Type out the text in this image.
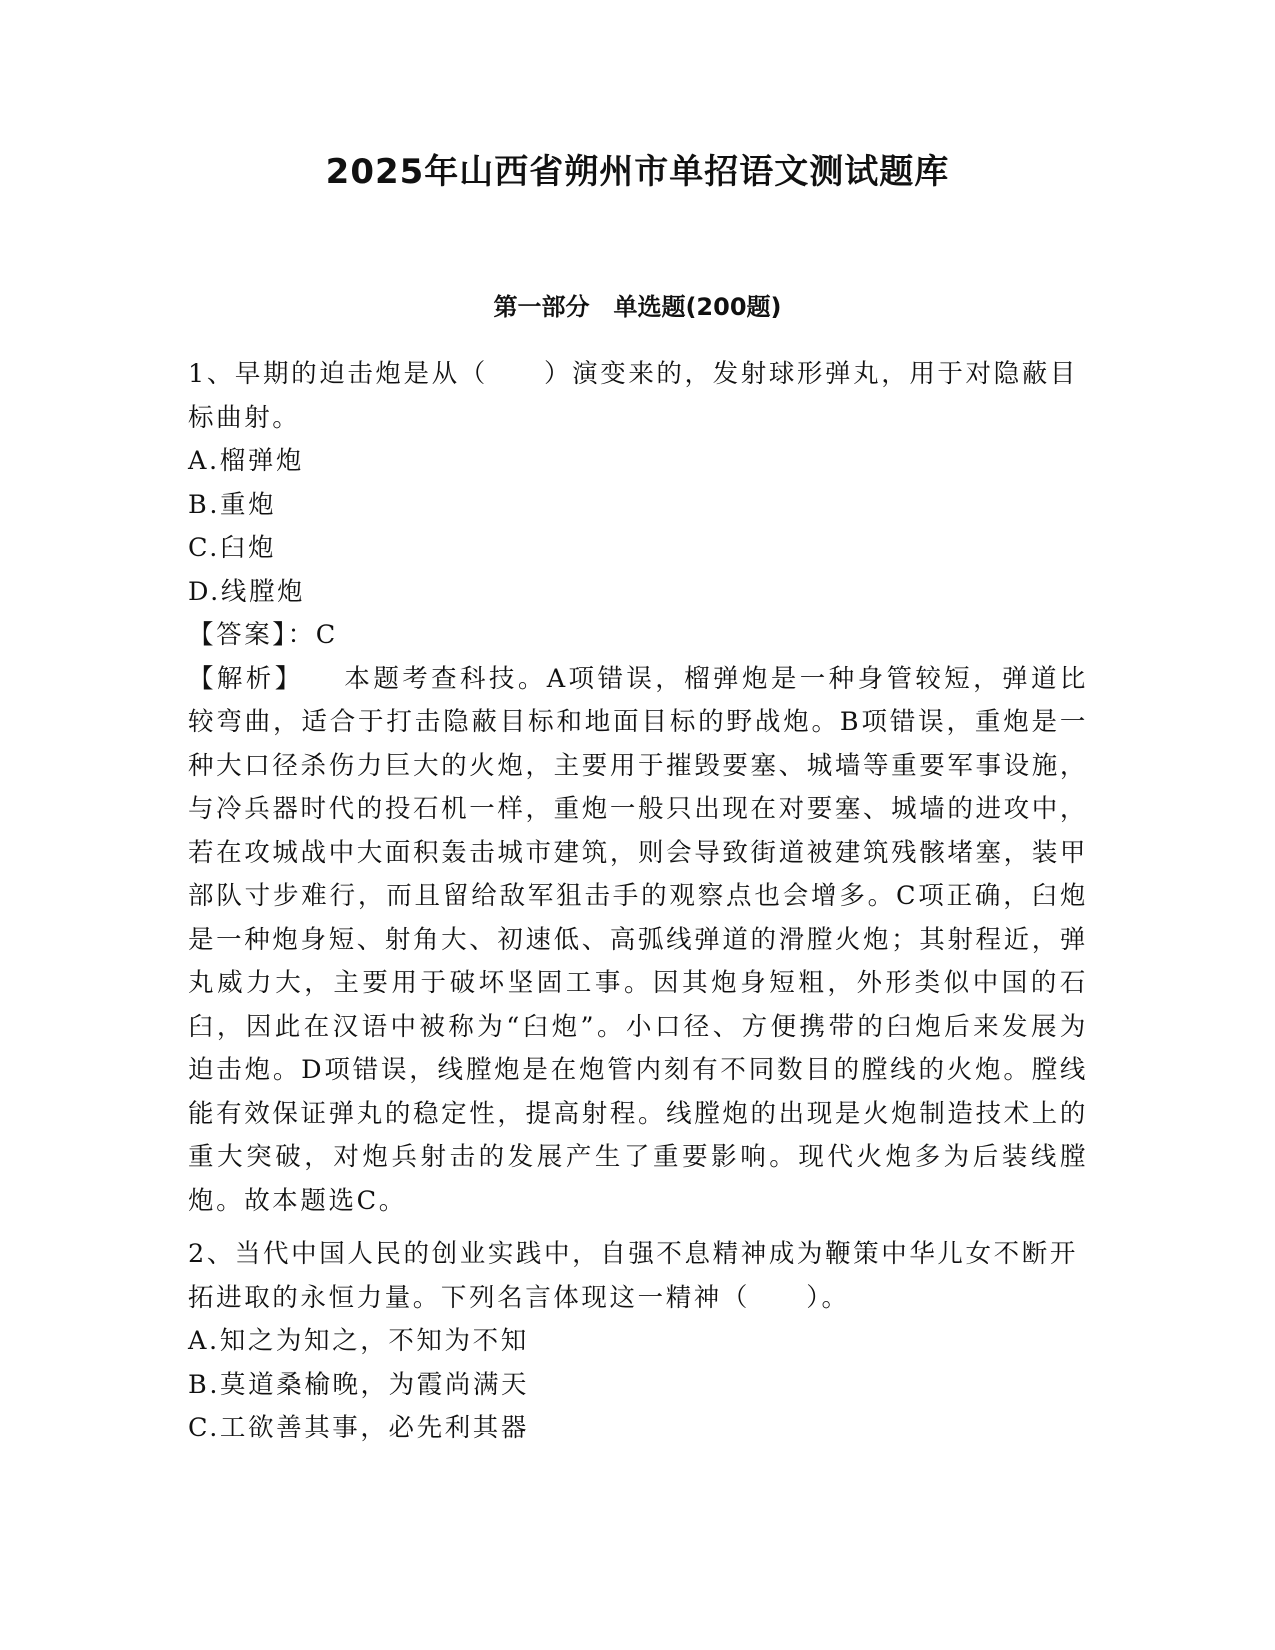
2025年山西省朔州市单招语文测试题库
第一部分　单选题(200题)

1、早期的迫击炮是从（　　）演变来的，发射球形弹丸，用于对隐蔽目标曲射。

A.榴弹炮

B.重炮

C.臼炮

D.线膛炮

【答案】：C

【解析】 本题考查科技。A项错误，榴弹炮是一种身管较短，弹道比较弯曲，适合于打击隐蔽目标和地面目标的野战炮。B项错误，重炮是一种大口径杀伤力巨大的火炮，主要用于摧毁要塞、城墙等重要军事设施，与冷兵器时代的投石机一样，重炮一般只出现在对要塞、城墙的进攻中，若在攻城战中大面积轰击城市建筑，则会导致街道被建筑残骸堵塞，装甲部队寸步难行，而且留给敌军狙击手的观察点也会增多。C项正确，臼炮是一种炮身短、射角大、初速低、高弧线弹道的滑膛火炮；其射程近，弹丸威力大，主要用于破坏坚固工事。因其炮身短粗，外形类似中国的石臼，因此在汉语中被称为“臼炮”。小口径、方便携带的臼炮后来发展为迫击炮。D项错误，线膛炮是在炮管内刻有不同数目的膛线的火炮。膛线能有效保证弹丸的稳定性，提高射程。线膛炮的出现是火炮制造技术上的重大突破，对炮兵射击的发展产生了重要影响。现代火炮多为后装线膛炮。故本题选C。

2、当代中国人民的创业实践中，自强不息精神成为鞭策中华儿女不断开拓进取的永恒力量。下列名言体现这一精神（　　）。

A.知之为知之，不知为不知

B.莫道桑榆晚，为霞尚满天

C.工欲善其事，必先利其器
